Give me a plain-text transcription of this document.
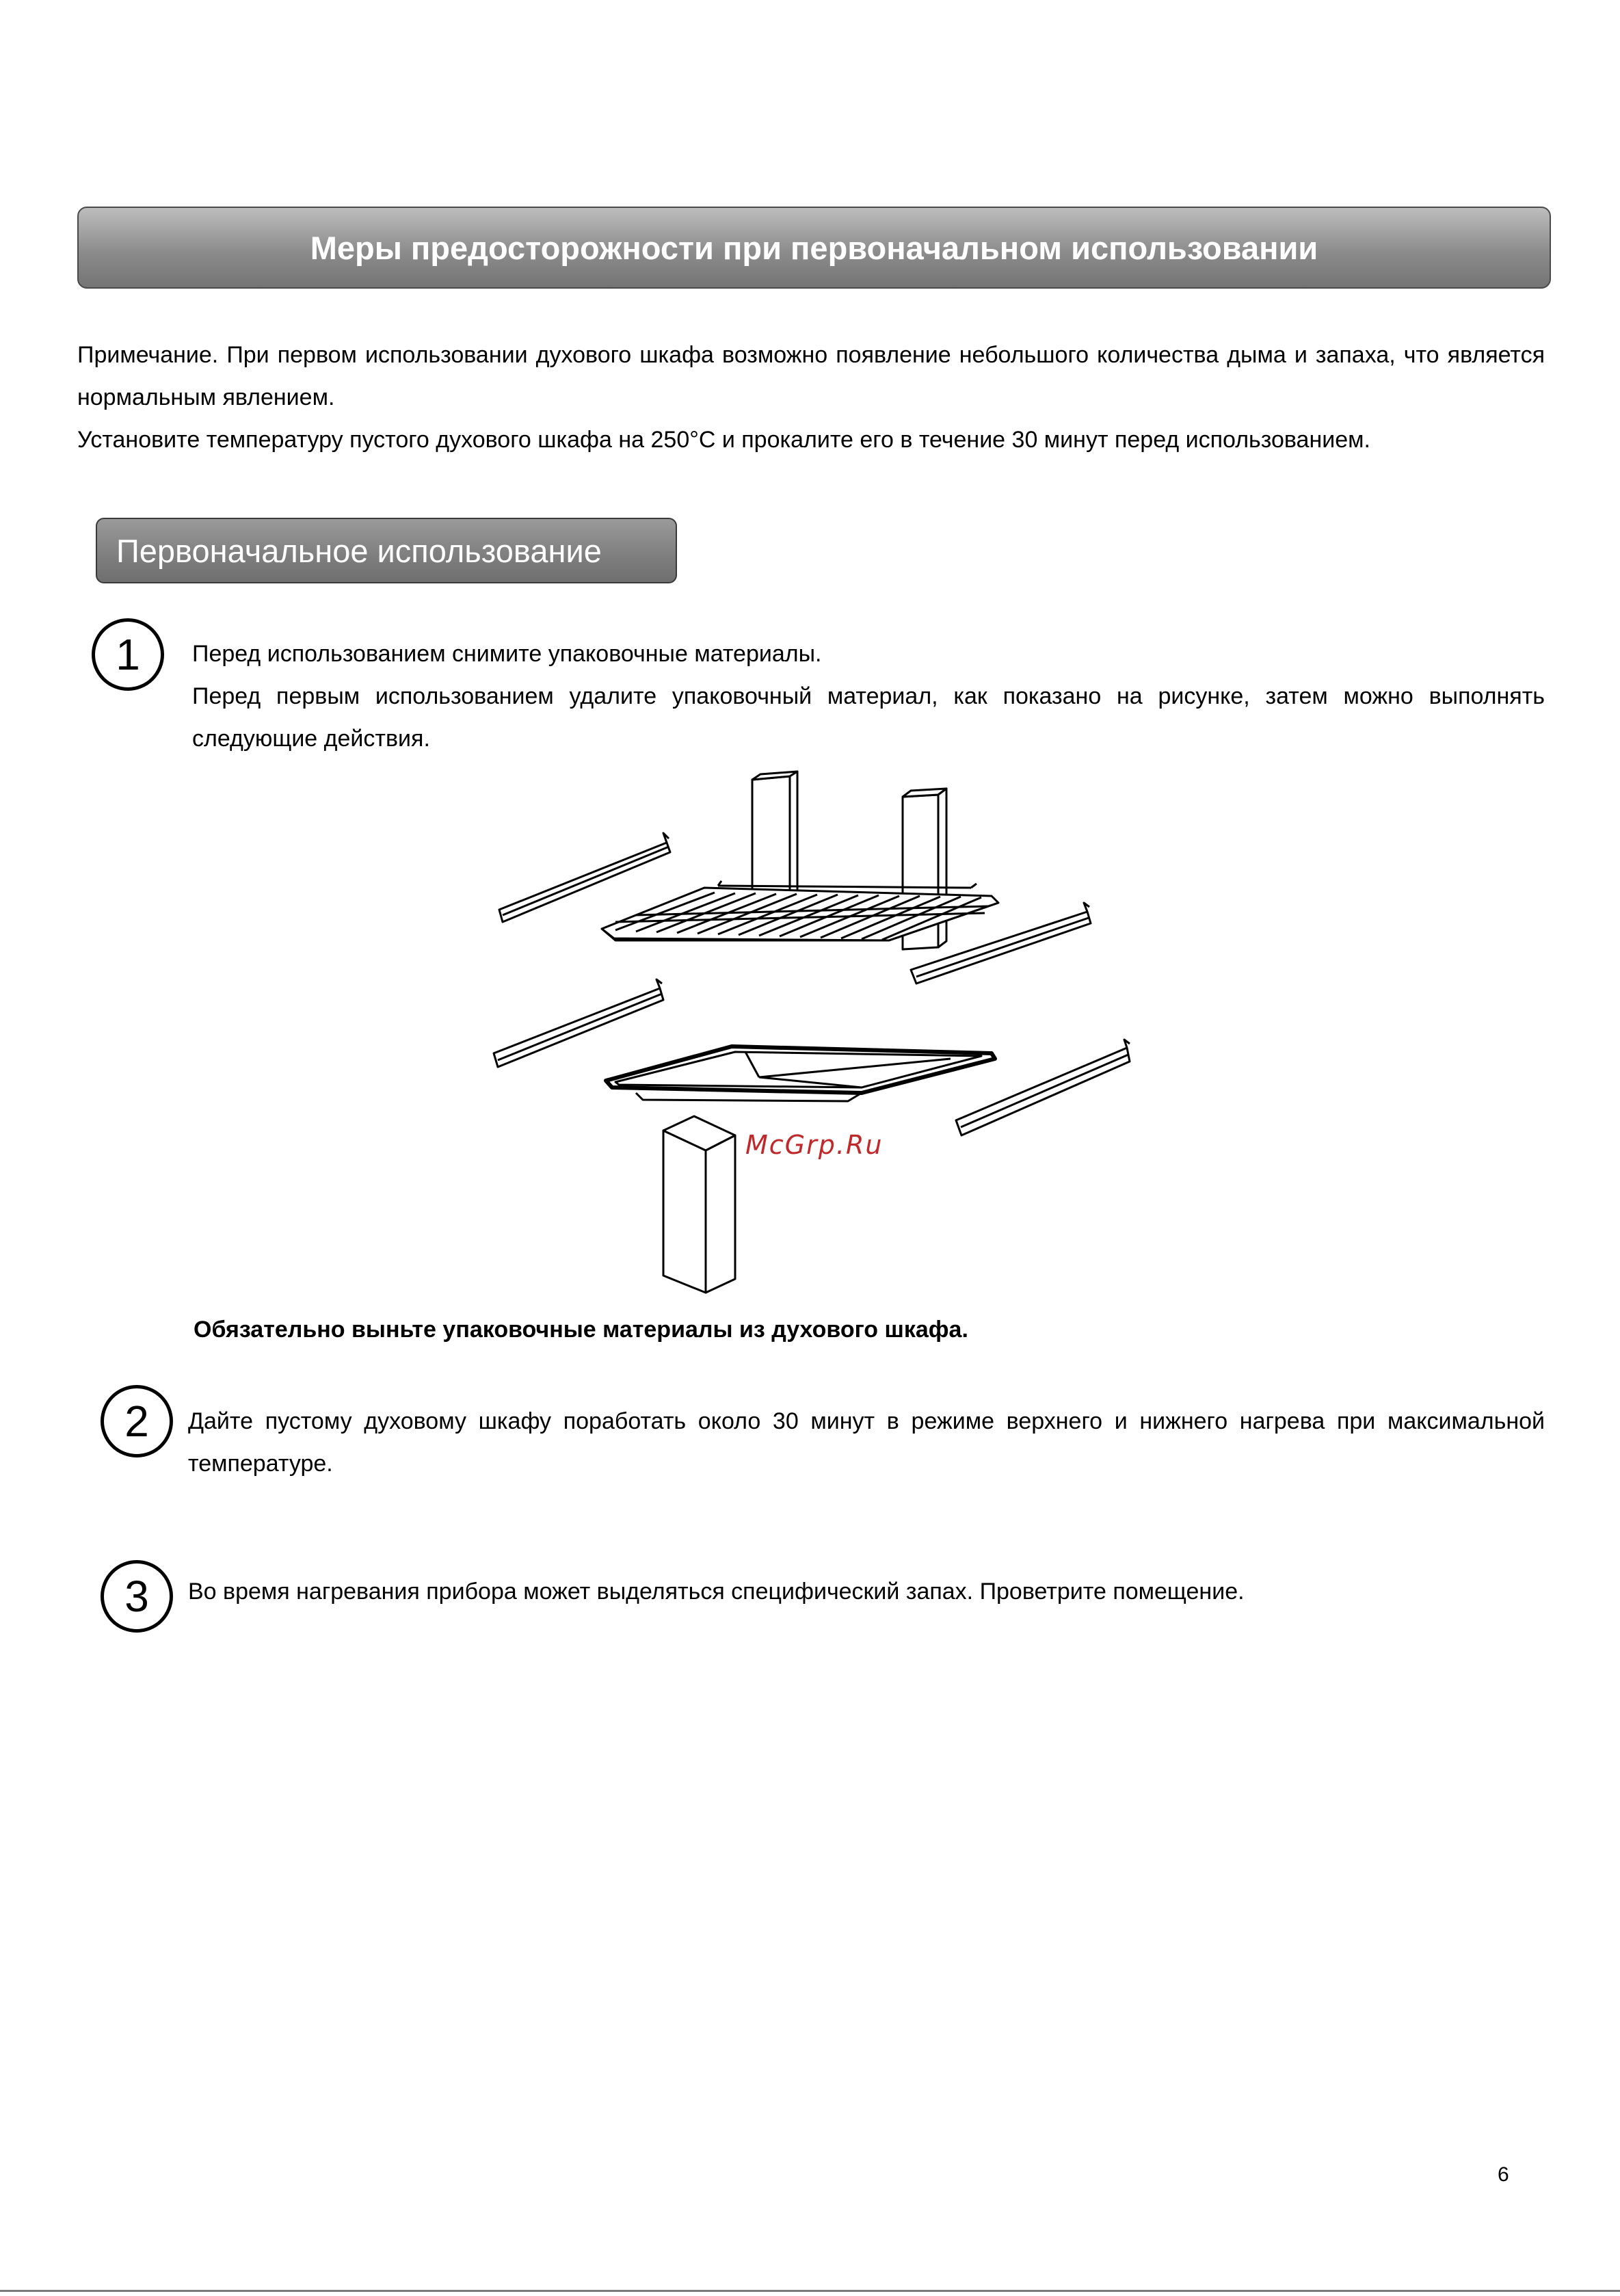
Меры предосторожности при первоначальном использовании
Примечание. При первом использовании духового шкафа возможно появление небольшого количества дыма и запаха, что является нормальным явлением.
Установите температуру пустого духового шкафа на 250°C и прокалите его в течение 30 минут перед использованием.
Первоначальное использование
1 Перед использованием снимите упаковочные материалы.
Перед первым использованием удалите упаковочный материал, как показано на рисунке, затем можно выполнять следующие действия.
McGrp.Ru
Обязательно выньте упаковочные материалы из духового шкафа.
2 Дайте пустому духовому шкафу поработать около 30 минут в режиме верхнего и нижнего нагрева при максимальной температуре.
3 Во время нагревания прибора может выделяться специфический запах. Проветрите помещение.
6
